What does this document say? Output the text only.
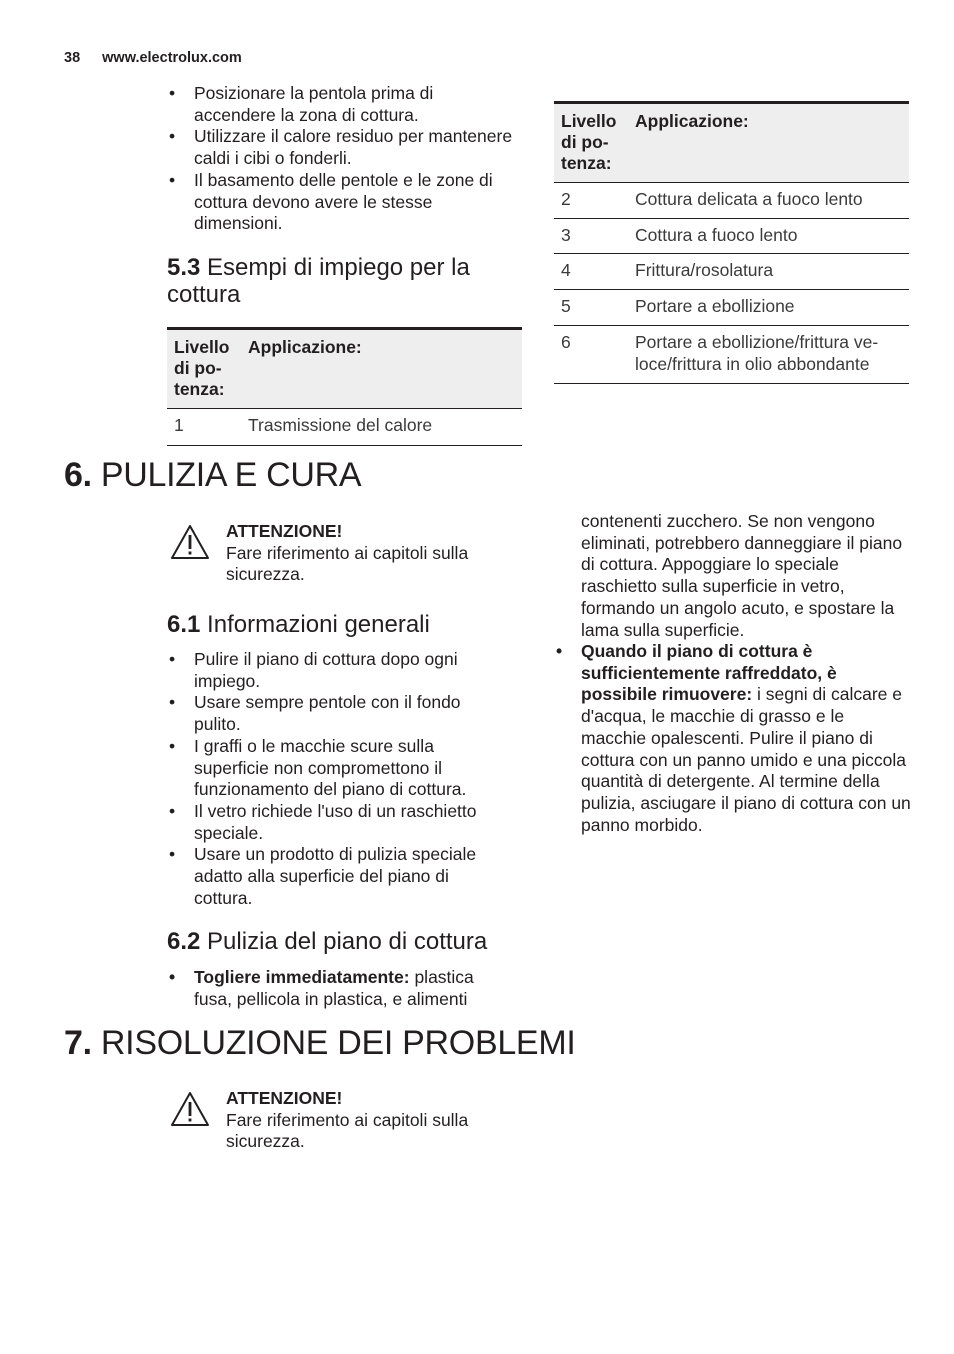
38 www.electrolux.com
• Posizionare la pentola prima di accendere la zona di cottura.
• Utilizzare il calore residuo per mantenere caldi i cibi o fonderli.
• Il basamento delle pentole e le zone di cottura devono avere le stesse dimensioni.
5.3 Esempi di impiego per la cottura
Livello di po- tenza:	Applicazione:
1	Trasmissione del calore
Livello di po- tenza:	Applicazione:
2	Cottura delicata a fuoco lento
3	Cottura a fuoco lento
4	Frittura/rosolatura
5	Portare a ebollizione
6	Portare a ebollizione/frittura ve- loce/frittura in olio abbondante
6. PULIZIA E CURA
ATTENZIONE!
Fare riferimento ai capitoli sulla sicurezza.
6.1 Informazioni generali
• Pulire il piano di cottura dopo ogni impiego.
• Usare sempre pentole con il fondo pulito.
• I graffi o le macchie scure sulla superficie non compromettono il funzionamento del piano di cottura.
• Il vetro richiede l'uso di un raschietto speciale.
• Usare un prodotto di pulizia speciale adatto alla superficie del piano di cottura.
6.2 Pulizia del piano di cottura
• Togliere immediatamente: plastica fusa, pellicola in plastica, e alimenti
contenenti zucchero. Se non vengono eliminati, potrebbero danneggiare il piano di cottura. Appoggiare lo speciale raschietto sulla superficie in vetro, formando un angolo acuto, e spostare la lama sulla superficie.
• Quando il piano di cottura è sufficientemente raffreddato, è possibile rimuovere: i segni di calcare e d'acqua, le macchie di grasso e le macchie opalescenti. Pulire il piano di cottura con un panno umido e una piccola quantità di detergente. Al termine della pulizia, asciugare il piano di cottura con un panno morbido.
7. RISOLUZIONE DEI PROBLEMI
ATTENZIONE!
Fare riferimento ai capitoli sulla sicurezza.
